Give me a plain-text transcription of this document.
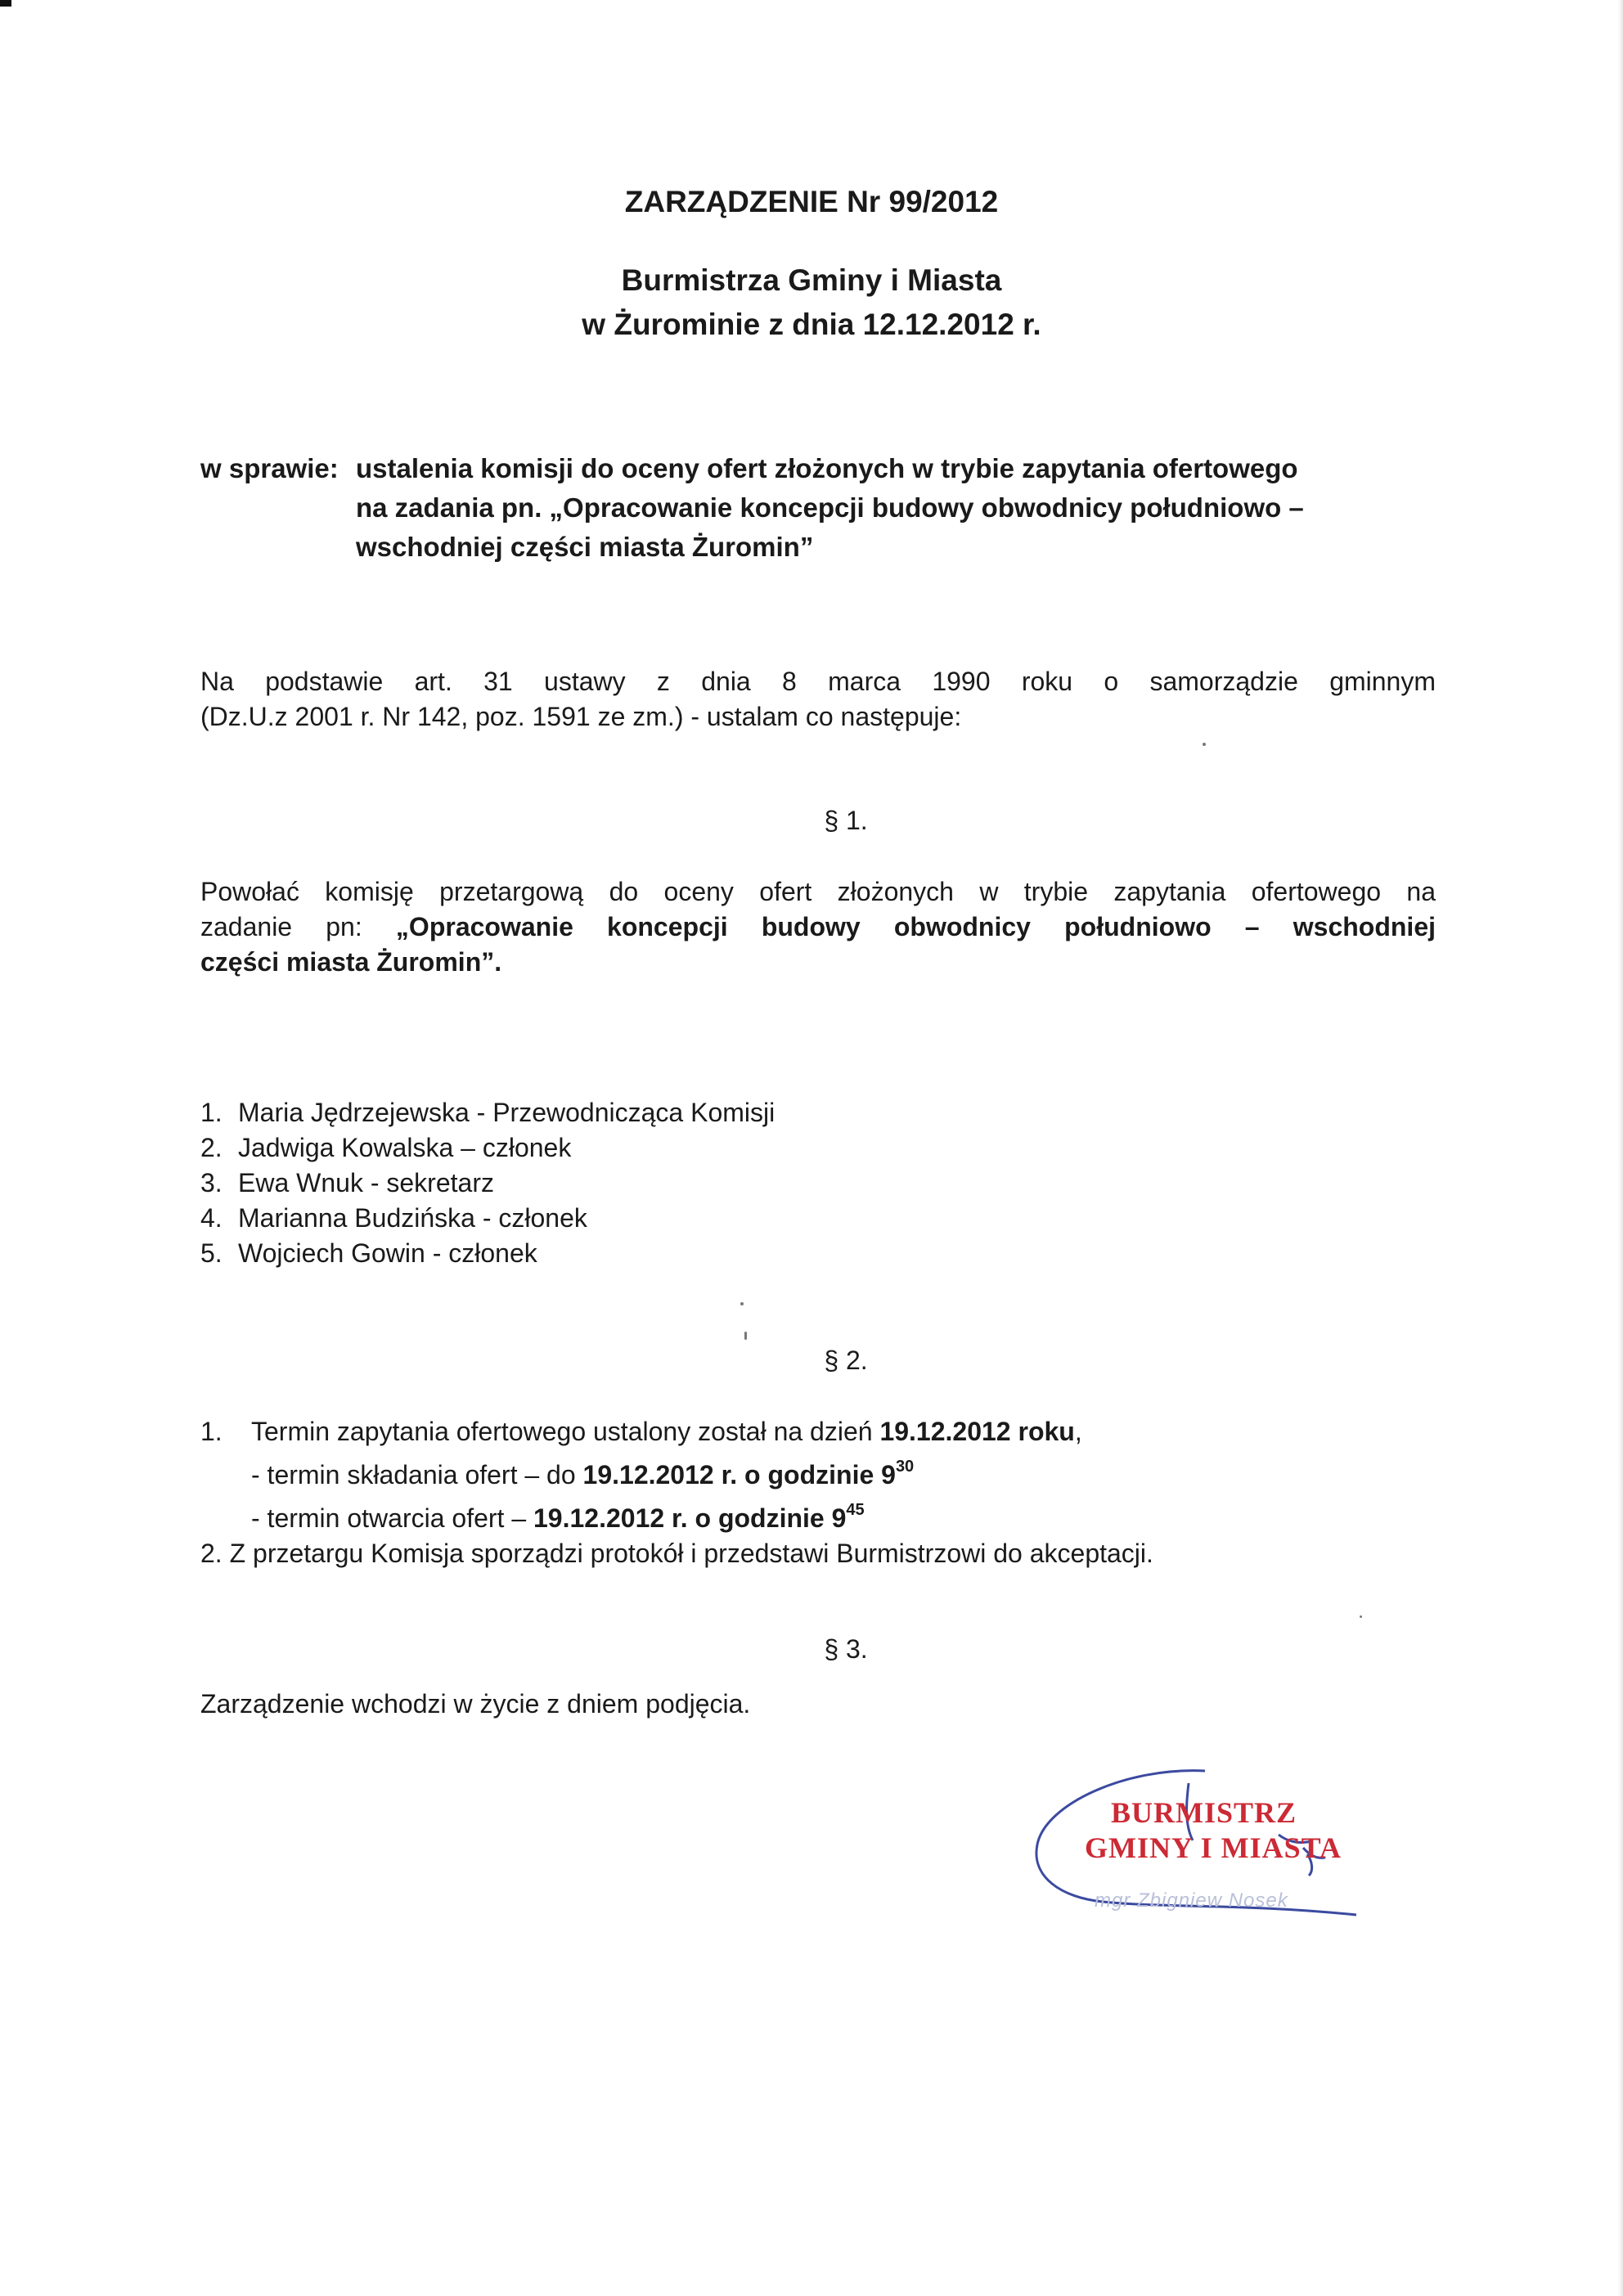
ZARZĄDZENIE Nr 99/2012
Burmistrza Gminy i Miasta
w Żurominie z dnia 12.12.2012 r.
w sprawie: ustalenia komisji do oceny ofert złożonych w trybie zapytania ofertowego
na zadania pn. „Opracowanie koncepcji budowy obwodnicy południowo –
wschodniej części miasta Żuromin”
Na podstawie art. 31 ustawy z dnia 8 marca 1990 roku o samorządzie gminnym
(Dz.U.z 2001 r. Nr 142, poz. 1591 ze zm.) - ustalam co następuje:
§ 1.
Powołać komisję przetargową do oceny ofert złożonych w trybie zapytania ofertowego na
zadanie pn: „Opracowanie koncepcji budowy obwodnicy południowo – wschodniej
części miasta Żuromin”.
1. Maria Jędrzejewska - Przewodnicząca Komisji
2. Jadwiga Kowalska – członek
3. Ewa Wnuk - sekretarz
4. Marianna Budzińska - członek
5. Wojciech Gowin - członek
§ 2.
1.	Termin zapytania ofertowego ustalony został na dzień 19.12.2012 roku,
- termin składania ofert – do 19.12.2012 r. o godzinie $9^{30}$
- termin otwarcia ofert – 19.12.2012 r. o godzinie $9^{45}$
2. Z przetargu Komisja sporządzi protokół i przedstawi Burmistrzowi do akceptacji.
§ 3.
Zarządzenie wchodzi w życie z dniem podjęcia.
BURMISTRZ
GMINY I MIASTA
mgr Zbigniew Nosek
